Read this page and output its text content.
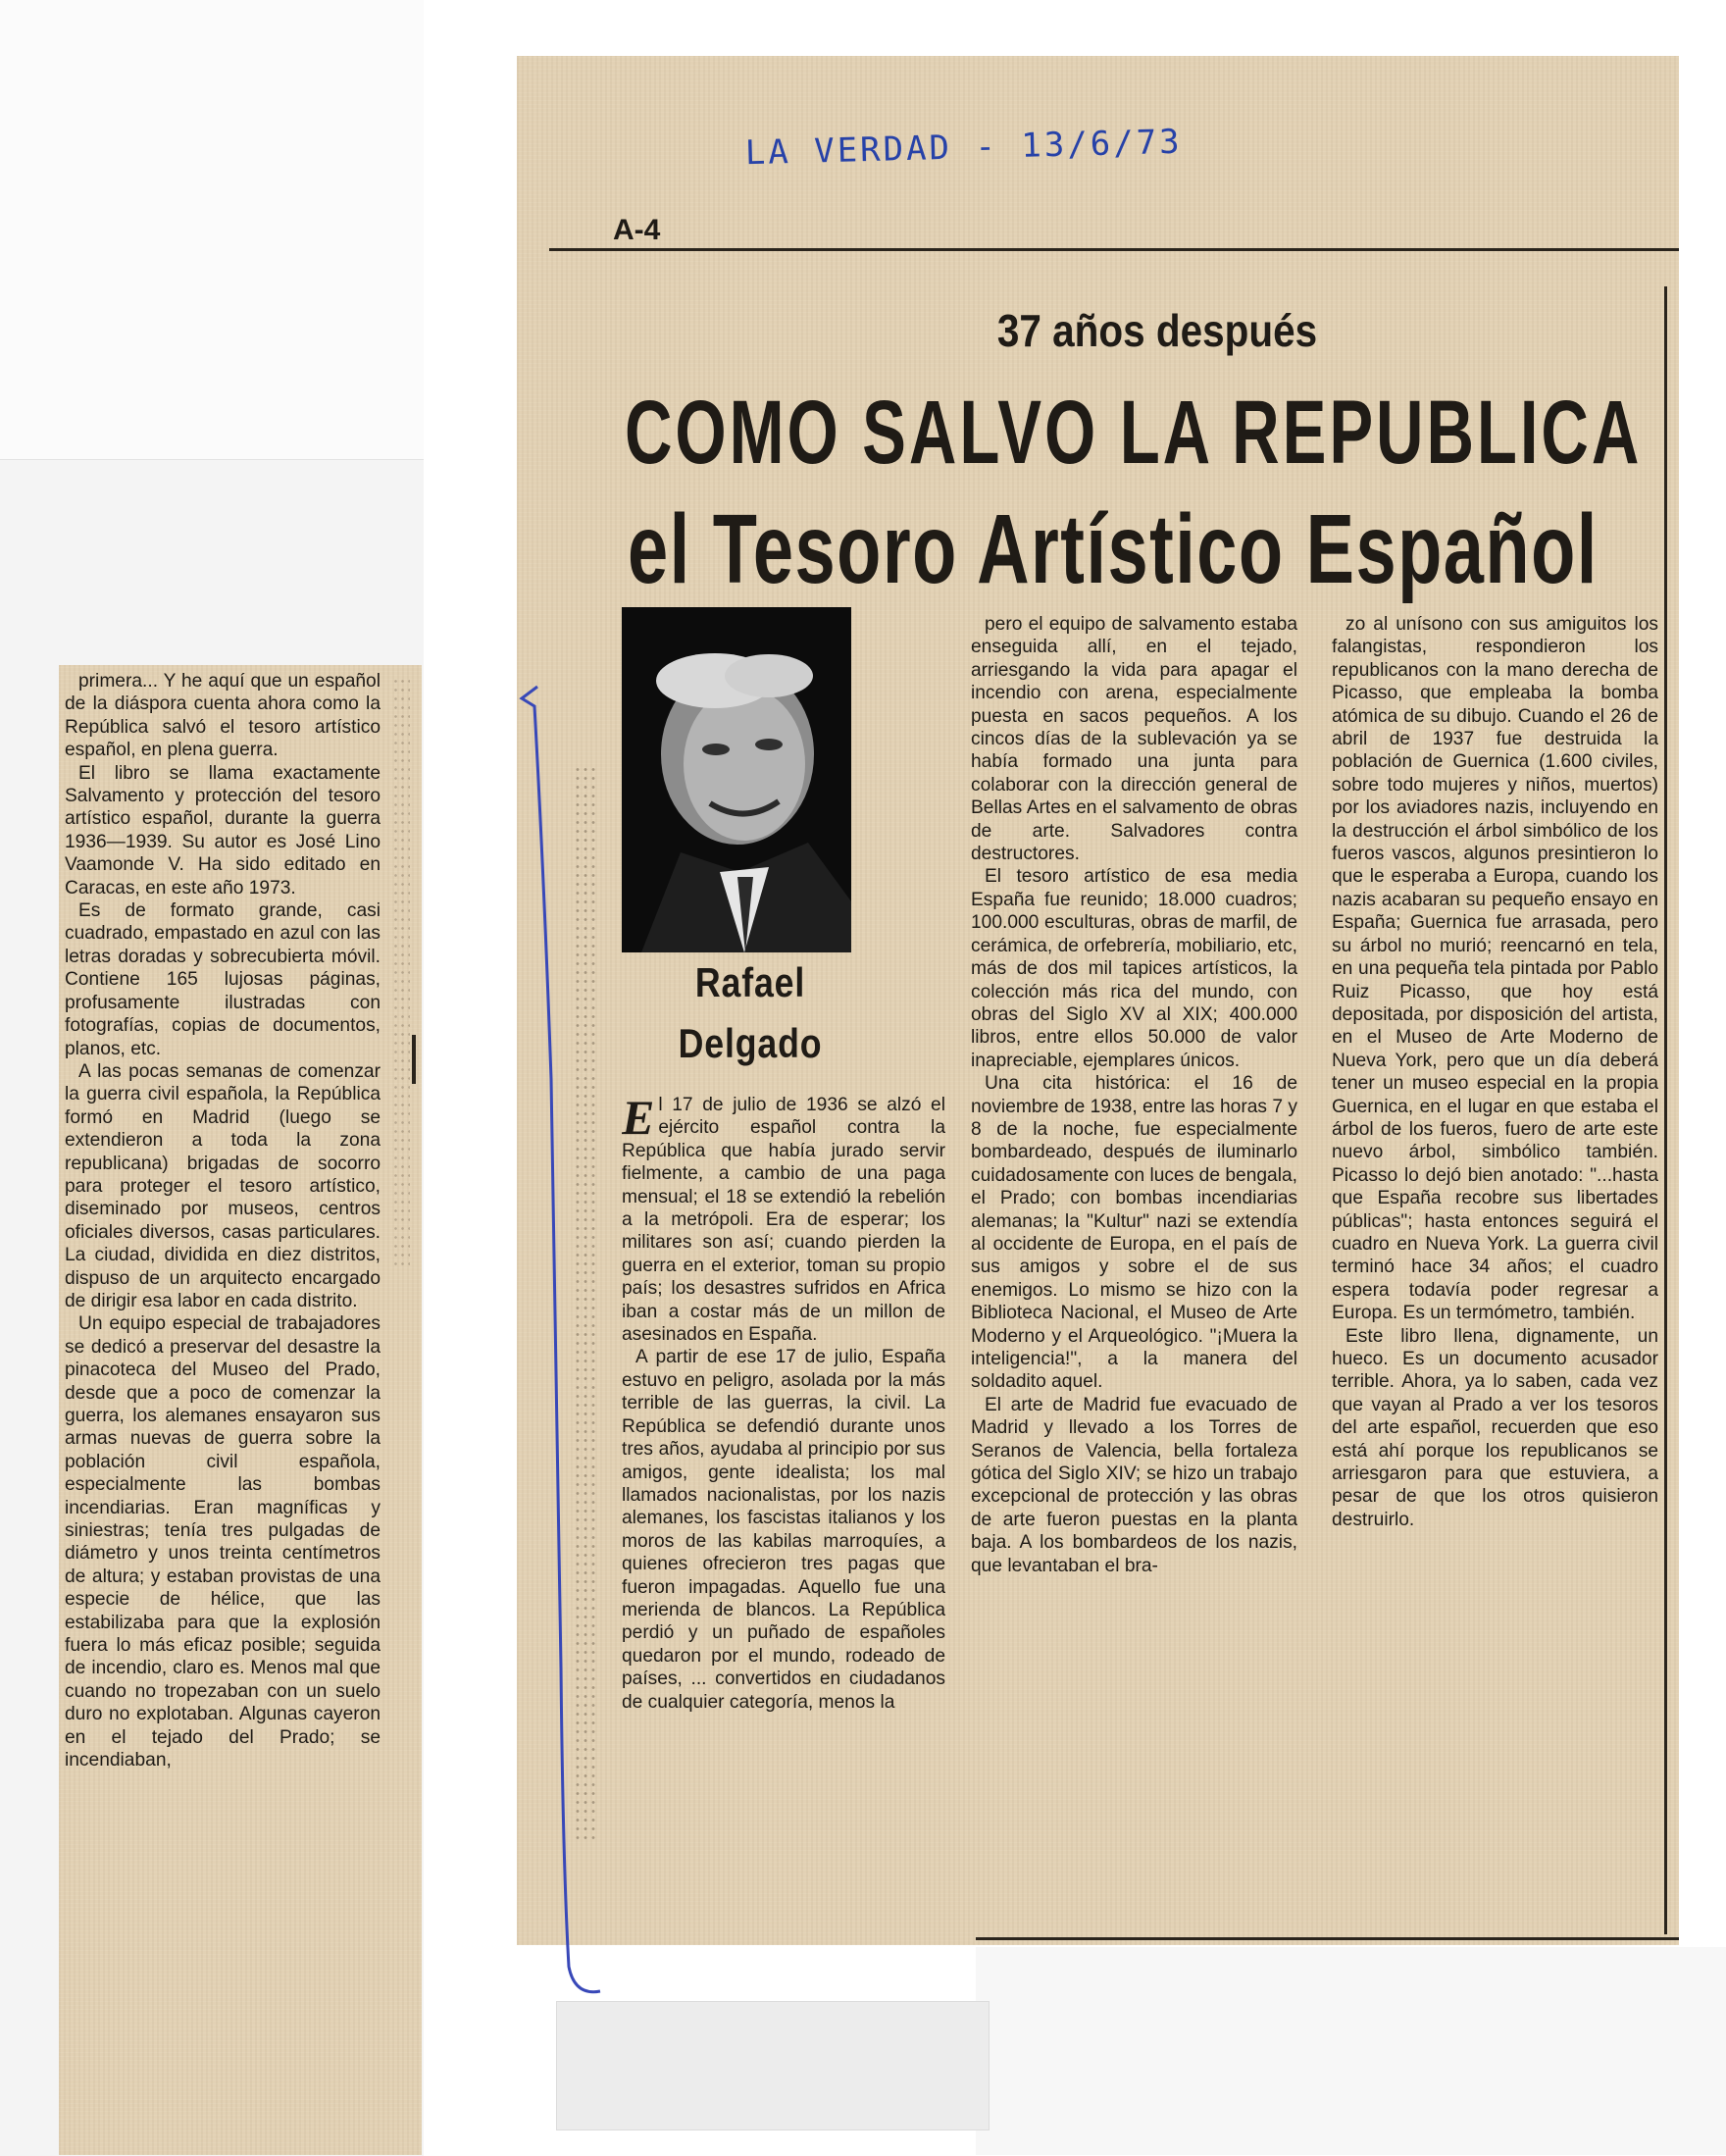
LA VERDAD - 13/6/73
A-4
37 años después
COMO SALVO LA REPUBLICA
el Tesoro Artístico Español
Rafael
Delgado

primera... Y he aquí que un español de la diáspora cuenta ahora como la República salvó el tesoro artístico español, en plena guerra.

El libro se llama exactamente Salvamento y protección del tesoro artístico español, durante la guerra 1936—1939. Su autor es José Lino Vaamonde V. Ha sido editado en Caracas, en este año 1973.

Es de formato grande, casi cuadrado, empastado en azul con las letras doradas y sobrecubierta móvil. Contiene 165 lujosas páginas, profusamente ilustradas con fotografías, copias de documentos, planos, etc.

A las pocas semanas de comenzar la guerra civil española, la República formó en Madrid (luego se extendieron a toda la zona republicana) brigadas de socorro para proteger el tesoro artístico, diseminado por museos, centros oficiales diversos, casas particulares. La ciudad, dividida en diez distritos, dispuso de un arquitecto encargado de dirigir esa labor en cada distrito.

Un equipo especial de trabajadores se dedicó a preservar del desastre la pinacoteca del Museo del Prado, desde que a poco de comenzar la guerra, los alemanes ensayaron sus armas nuevas de guerra sobre la población civil española, especialmente las bombas incendiarias. Eran magníficas y siniestras; tenía tres pulgadas de diámetro y unos treinta centímetros de altura; y estaban provistas de una especie de hélice, que las estabilizaba para que la explosión fuera lo más eficaz posible; seguida de incendio, claro es. Menos mal que cuando no tropezaban con un suelo duro no explotaban. Algunas cayeron en el tejado del Prado; se incendiaban,

El 17 de julio de 1936 se alzó el ejército español contra la República que había jurado servir fielmente, a cambio de una paga mensual; el 18 se extendió la rebelión a la metrópoli. Era de esperar; los militares son así; cuando pierden la guerra en el exterior, toman su propio país; los desastres sufridos en Africa iban a costar más de un millon de asesinados en España.

A partir de ese 17 de julio, España estuvo en peligro, asolada por la más terrible de las guerras, la civil. La República se defendió durante unos tres años, ayudaba al principio por sus amigos, gente idealista; los mal llamados nacionalistas, por los nazis alemanes, los fascistas italianos y los moros de las kabilas marroquíes, a quienes ofrecieron tres pagas que fueron impagadas. Aquello fue una merienda de blancos. La República perdió y un puñado de españoles quedaron por el mundo, rodeado de países, ... convertidos en ciudadanos de cualquier categoría, menos la

pero el equipo de salvamento estaba enseguida allí, en el tejado, arriesgando la vida para apagar el incendio con arena, especialmente puesta en sacos pequeños. A los cincos días de la sublevación ya se había formado una junta para colaborar con la dirección general de Bellas Artes en el salvamento de obras de arte. Salvadores contra destructores.

El tesoro artístico de esa media España fue reunido; 18.000 cuadros; 100.000 esculturas, obras de marfil, de cerámica, de orfebrería, mobiliario, etc, más de dos mil tapices artísticos, la colección más rica del mundo, con obras del Siglo XV al XIX; 400.000 libros, entre ellos 50.000 de valor inapreciable, ejemplares únicos.

Una cita histórica: el 16 de noviembre de 1938, entre las horas 7 y 8 de la noche, fue especialmente bombardeado, después de iluminarlo cuidadosamente con luces de bengala, el Prado; con bombas incendiarias alemanas; la "Kultur" nazi se extendía al occidente de Europa, en el país de sus amigos y sobre el de sus enemigos. Lo mismo se hizo con la Biblioteca Nacional, el Museo de Arte Moderno y el Arqueológico. "¡Muera la inteligencia!", a la manera del soldadito aquel.

El arte de Madrid fue evacuado de Madrid y llevado a los Torres de Seranos de Valencia, bella fortaleza gótica del Siglo XIV; se hizo un trabajo excepcional de protección y las obras de arte fueron puestas en la planta baja. A los bombardeos de los nazis, que levantaban el bra-

zo al unísono con sus amiguitos los falangistas, respondieron los republicanos con la mano derecha de Picasso, que empleaba la bomba atómica de su dibujo. Cuando el 26 de abril de 1937 fue destruida la población de Guernica (1.600 civiles, sobre todo mujeres y niños, muertos) por los aviadores nazis, incluyendo en la destrucción el árbol simbólico de los fueros vascos, algunos presintieron lo que le esperaba a Europa, cuando los nazis acabaran su pequeño ensayo en España; Guernica fue arrasada, pero su árbol no murió; reencarnó en tela, en una pequeña tela pintada por Pablo Ruiz Picasso, que hoy está depositada, por disposición del artista, en el Museo de Arte Moderno de Nueva York, pero que un día deberá tener un museo especial en la propia Guernica, en el lugar en que estaba el árbol de los fueros, fuero de arte este nuevo árbol, simbólico también. Picasso lo dejó bien anotado: "...hasta que España recobre sus libertades públicas"; hasta entonces seguirá el cuadro en Nueva York. La guerra civil terminó hace 34 años; el cuadro espera todavía poder regresar a Europa. Es un termómetro, también.

Este libro llena, dignamente, un hueco. Es un documento acusador terrible. Ahora, ya lo saben, cada vez que vayan al Prado a ver los tesoros del arte español, recuerden que eso está ahí porque los republicanos se arriesgaron para que estuviera, a pesar de que los otros quisieron destruirlo.
